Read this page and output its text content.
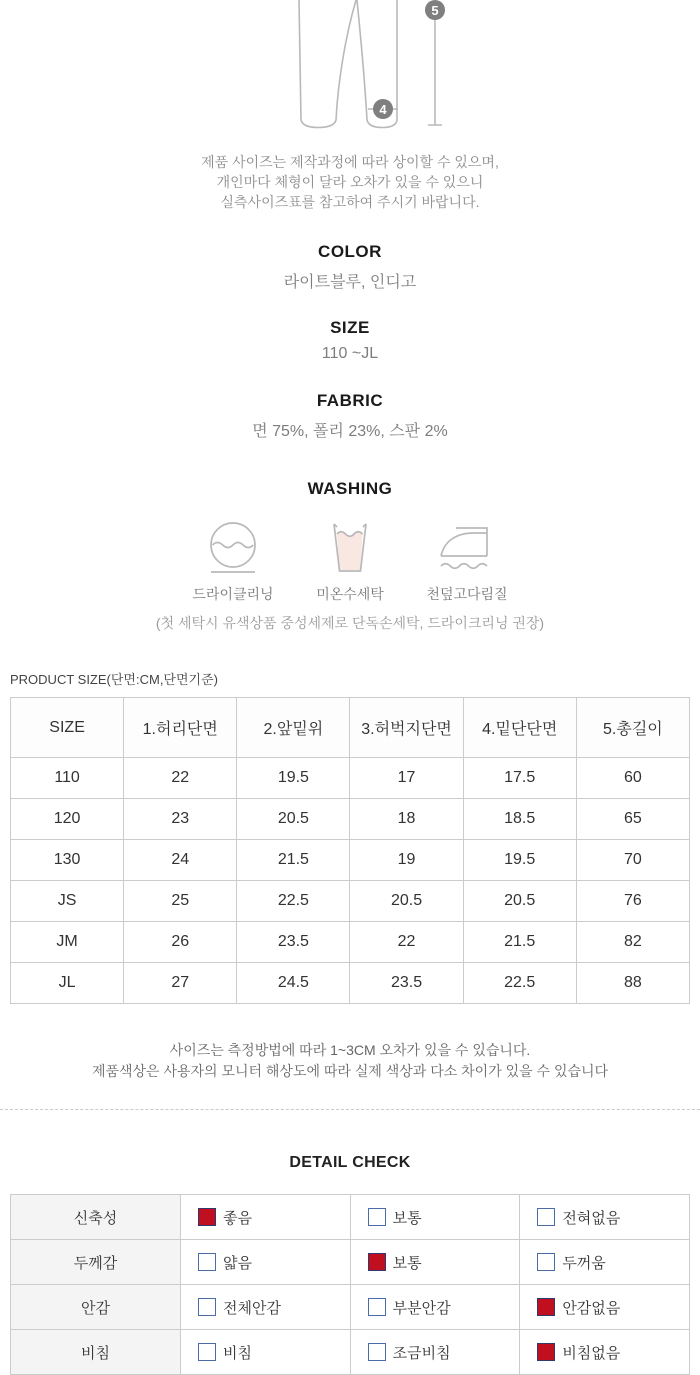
4
5
제품 사이즈는 제작과정에 따라 상이할 수 있으며,
개인마다 체형이 달라 오차가 있을 수 있으니
실측사이즈표를 참고하여 주시기 바랍니다.
COLOR
라이트블루, 인디고
SIZE
110 ~JL
FABRIC
면 75%, 폴리 23%, 스판 2%
WASHING
드라이클리닝	미온수세탁	천덮고다림질
(첫 세탁시 유색상품 중성세제로 단독손세탁, 드라이크리닝 권장)
PRODUCT SIZE(단면:CM,단면기준)
SIZE	1.허리단면	2.앞밑위	3.허벅지단면	4.밑단단면	5.총길이
110	22	19.5	17	17.5	60
120	23	20.5	18	18.5	65
130	24	21.5	19	19.5	70
JS	25	22.5	20.5	20.5	76
JM	26	23.5	22	21.5	82
JL	27	24.5	23.5	22.5	88
사이즈는 측정방법에 따라 1~3CM 오차가 있을 수 있습니다.
제품색상은 사용자의 모니터 해상도에 따라 실제 색상과 다소 차이가 있을 수 있습니다
DETAIL CHECK
신축성	좋음	보통	전혀없음

두께감	얇음	보통	두꺼움

안감	전체안감	부분안감	안감없음

비침	비침	조금비침	비침없음
